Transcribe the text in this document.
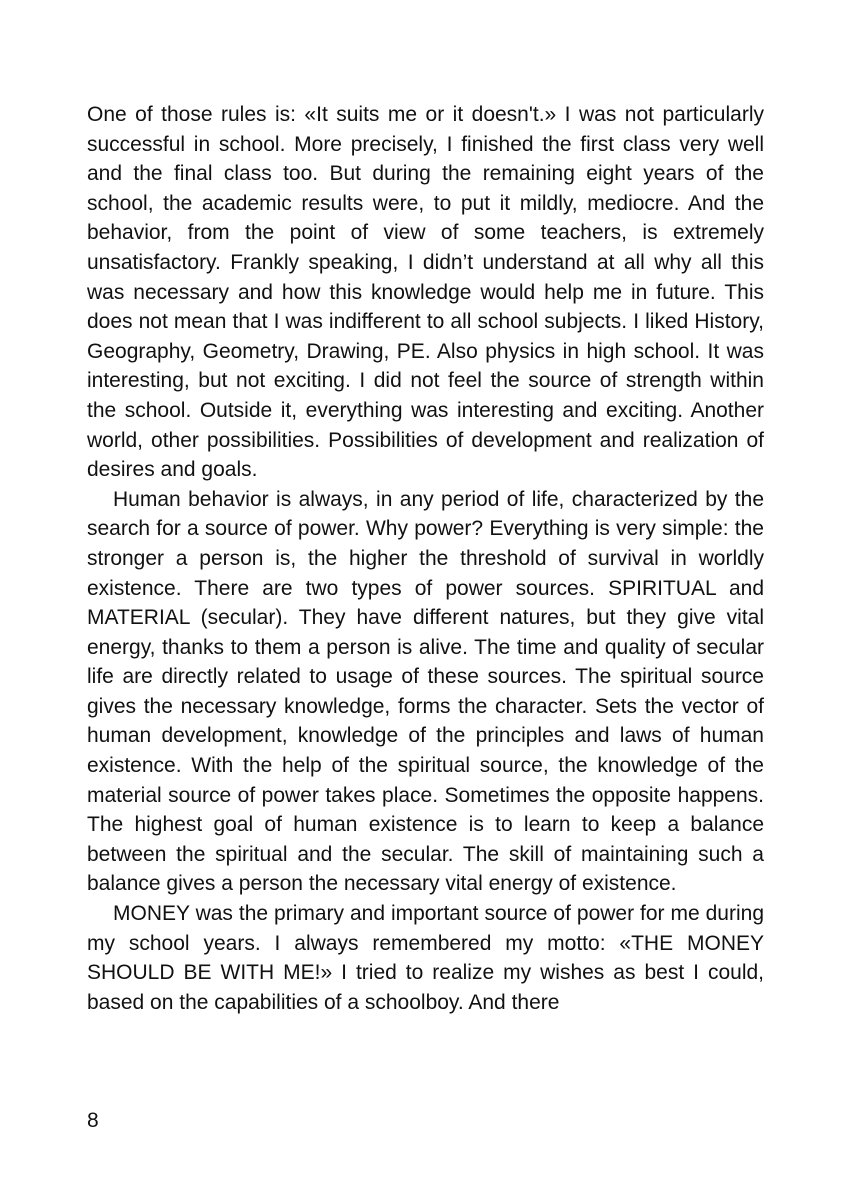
One of those rules is: «It suits me or it doesn't.» I was not particularly successful in school. More precisely, I finished the first class very well and the final class too. But during the remaining eight years of the school, the academic results were, to put it mildly, mediocre. And the behavior, from the point of view of some teachers, is extremely unsatisfactory. Frankly speaking, I didn’t understand at all why all this was necessary and how this knowledge would help me in future. This does not mean that I was indifferent to all school subjects. I liked History, Geography, Geometry, Drawing, PE. Also physics in high school. It was interesting, but not exciting. I did not feel the source of strength within the school. Outside it, everything was interesting and exciting. Another world, other possibilities. Possibilities of development and realization of desires and goals.

Human behavior is always, in any period of life, characterized by the search for a source of power. Why power? Everything is very simple: the stronger a person is, the higher the threshold of survival in worldly existence. There are two types of power sources. SPIRITUAL and MATERIAL (secular). They have different natures, but they give vital energy, thanks to them a person is alive. The time and quality of secular life are directly related to usage of these sources. The spiritual source gives the necessary knowledge, forms the character. Sets the vector of human development, knowledge of the principles and laws of human existence. With the help of the spiritual source, the knowledge of the material source of power takes place. Sometimes the opposite happens. The highest goal of human existence is to learn to keep a balance between the spiritual and the secular. The skill of maintaining such a balance gives a person the necessary vital energy of existence.

MONEY was the primary and important source of power for me during my school years. I always remembered my motto: «THE MONEY SHOULD BE WITH ME!» I tried to realize my wishes as best I could, based on the capabilities of a schoolboy. And there

8
